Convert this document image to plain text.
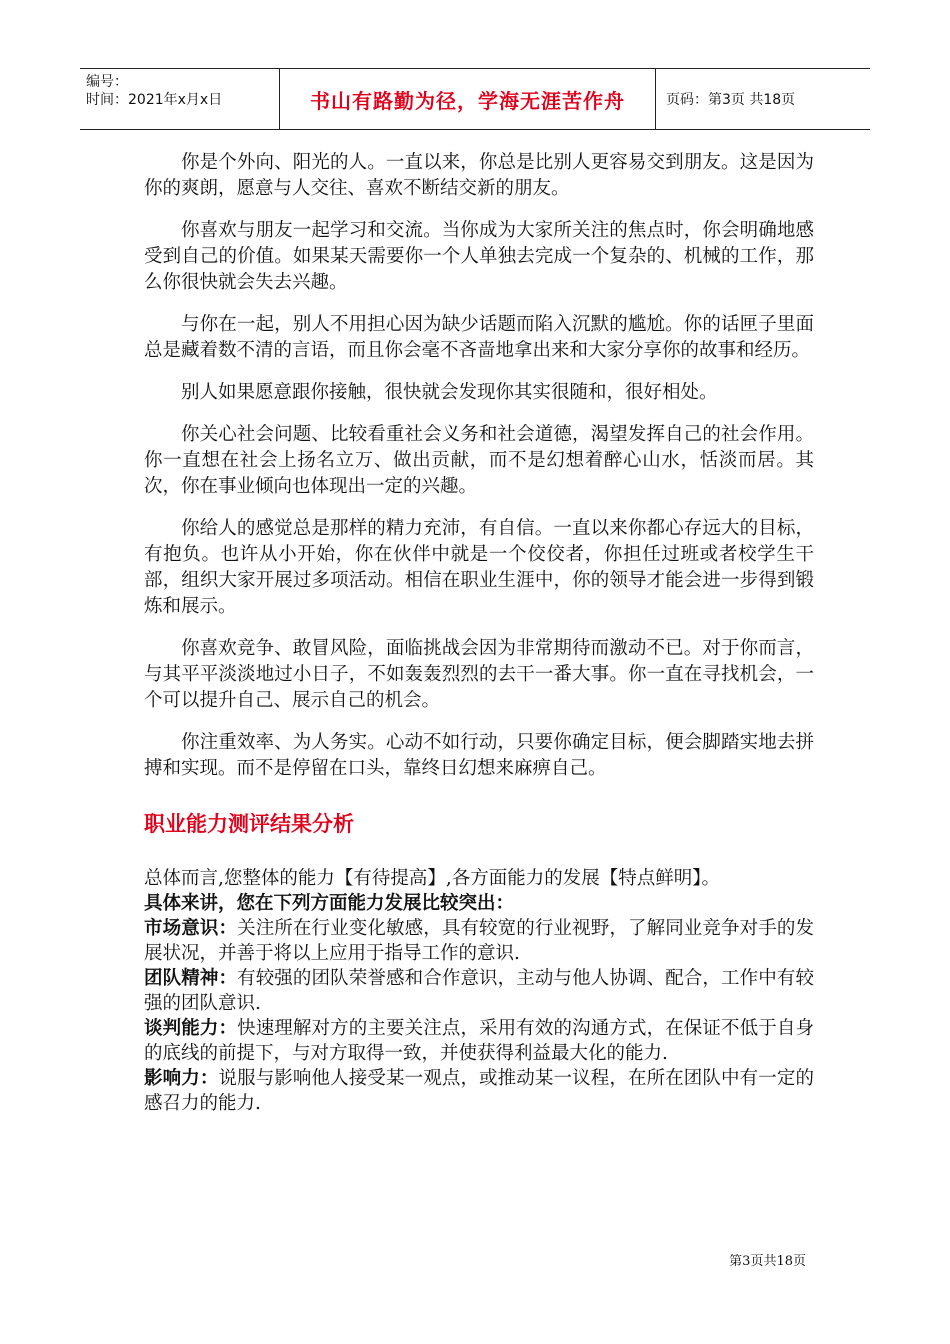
编号：
时间：2021年x月x日	书山有路勤为径，学海无涯苦作舟	页码：第3页 共18页

你是个外向、阳光的人。一直以来，你总是比别人更容易交到朋友。这是因为你的爽朗，愿意与人交往、喜欢不断结交新的朋友。

你喜欢与朋友一起学习和交流。当你成为大家所关注的焦点时，你会明确地感受到自己的价值。如果某天需要你一个人单独去完成一个复杂的、机械的工作，那么你很快就会失去兴趣。

与你在一起，别人不用担心因为缺少话题而陷入沉默的尴尬。你的话匣子里面总是藏着数不清的言语，而且你会毫不吝啬地拿出来和大家分享你的故事和经历。

别人如果愿意跟你接触，很快就会发现你其实很随和，很好相处。

你关心社会问题、比较看重社会义务和社会道德，渴望发挥自己的社会作用。你一直想在社会上扬名立万、做出贡献，而不是幻想着醉心山水，恬淡而居。其次，你在事业倾向也体现出一定的兴趣。

你给人的感觉总是那样的精力充沛，有自信。一直以来你都心存远大的目标，有抱负。也许从小开始，你在伙伴中就是一个佼佼者，你担任过班或者校学生干部，组织大家开展过多项活动。相信在职业生涯中，你的领导才能会进一步得到锻炼和展示。

你喜欢竞争、敢冒风险，面临挑战会因为非常期待而激动不已。对于你而言，与其平平淡淡地过小日子，不如轰轰烈烈的去干一番大事。你一直在寻找机会，一个可以提升自己、展示自己的机会。

你注重效率、为人务实。心动不如行动，只要你确定目标，便会脚踏实地去拼搏和实现。而不是停留在口头，靠终日幻想来麻痹自己。

职业能力测评结果分析

总体而言,您整体的能力【有待提高】,各方面能力的发展【特点鲜明】。

具体来讲，您在下列方面能力发展比较突出：

市场意识：关注所在行业变化敏感，具有较宽的行业视野，了解同业竞争对手的发展状况，并善于将以上应用于指导工作的意识.

团队精神：有较强的团队荣誉感和合作意识，主动与他人协调、配合，工作中有较强的团队意识.

谈判能力：快速理解对方的主要关注点，采用有效的沟通方式，在保证不低于自身的底线的前提下，与对方取得一致，并使获得利益最大化的能力.

影响力：说服与影响他人接受某一观点，或推动某一议程，在所在团队中有一定的感召力的能力.

第3页共18页
